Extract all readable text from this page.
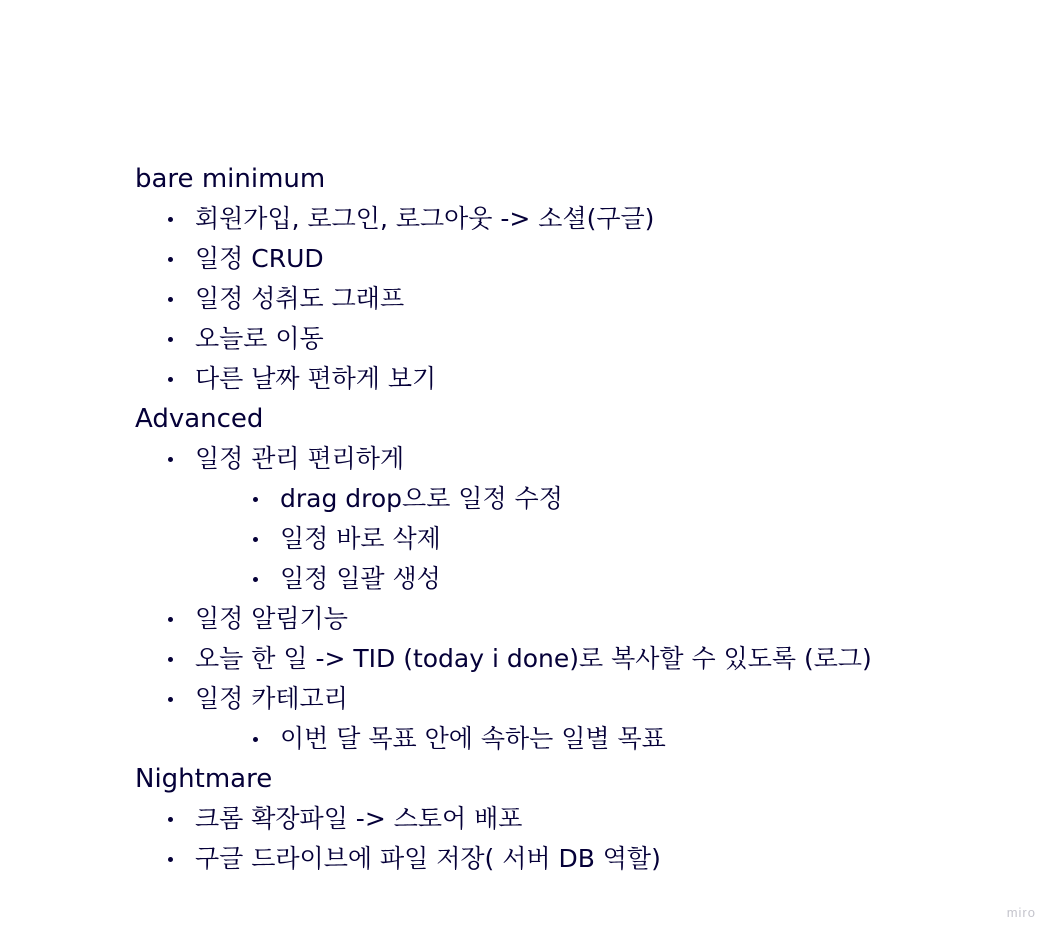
bare minimum
회원가입, 로그인, 로그아웃 -> 소셜(구글)
일정 CRUD
일정 성취도 그래프
오늘로 이동
다른 날짜 편하게 보기
Advanced
일정 관리 편리하게
drag drop으로 일정 수정
일정 바로 삭제
일정 일괄 생성
일정 알림기능
오늘 한 일 -> TID (today i done)로 복사할 수 있도록 (로그)
일정 카테고리
이번 달 목표 안에 속하는 일별 목표
Nightmare
크롬 확장파일 -> 스토어 배포
구글 드라이브에 파일 저장( 서버 DB 역할)
miro
